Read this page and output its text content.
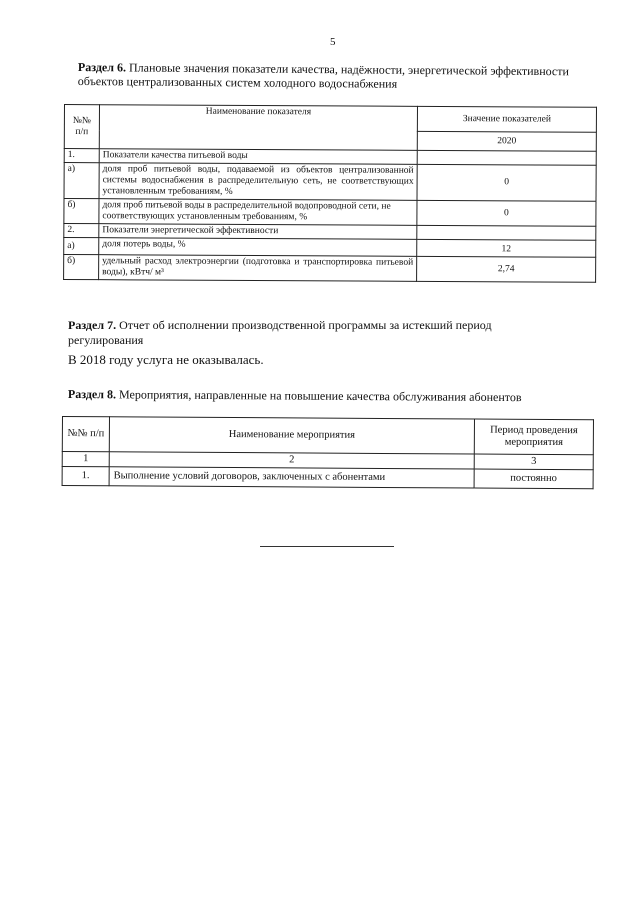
5
Раздел 6. Плановые значения показатели качества, надёжности, энергетической эффективности объектов централизованных систем холодного водоснабжения
№№ п/п	Наименование показателя	Значение показателей
		2020
1.	Показатели качества питьевой воды	
а)	доля проб питьевой воды, подаваемой из объектов централизованной системы водоснабжения в распределительную сеть, не соответствующих установленным требованиям, %	0
б)	доля проб питьевой воды в распределительной водопроводной сети, не соответствующих установленным требованиям, %	0
2.	Показатели энергетической эффективности	
а)	доля потерь воды, %	12
б)	удельный расход электроэнергии (подготовка и транспортировка питьевой воды), кВтч/ м³	2,74
Раздел 7. Отчет об исполнении производственной программы за истекший период регулирования
В 2018 году услуга не оказывалась.
Раздел 8. Мероприятия, направленные на повышение качества обслуживания абонентов
№№ п/п	Наименование мероприятия	Период проведения мероприятия
1	2	3
1.	Выполнение условий договоров, заключенных с абонентами	постоянно
